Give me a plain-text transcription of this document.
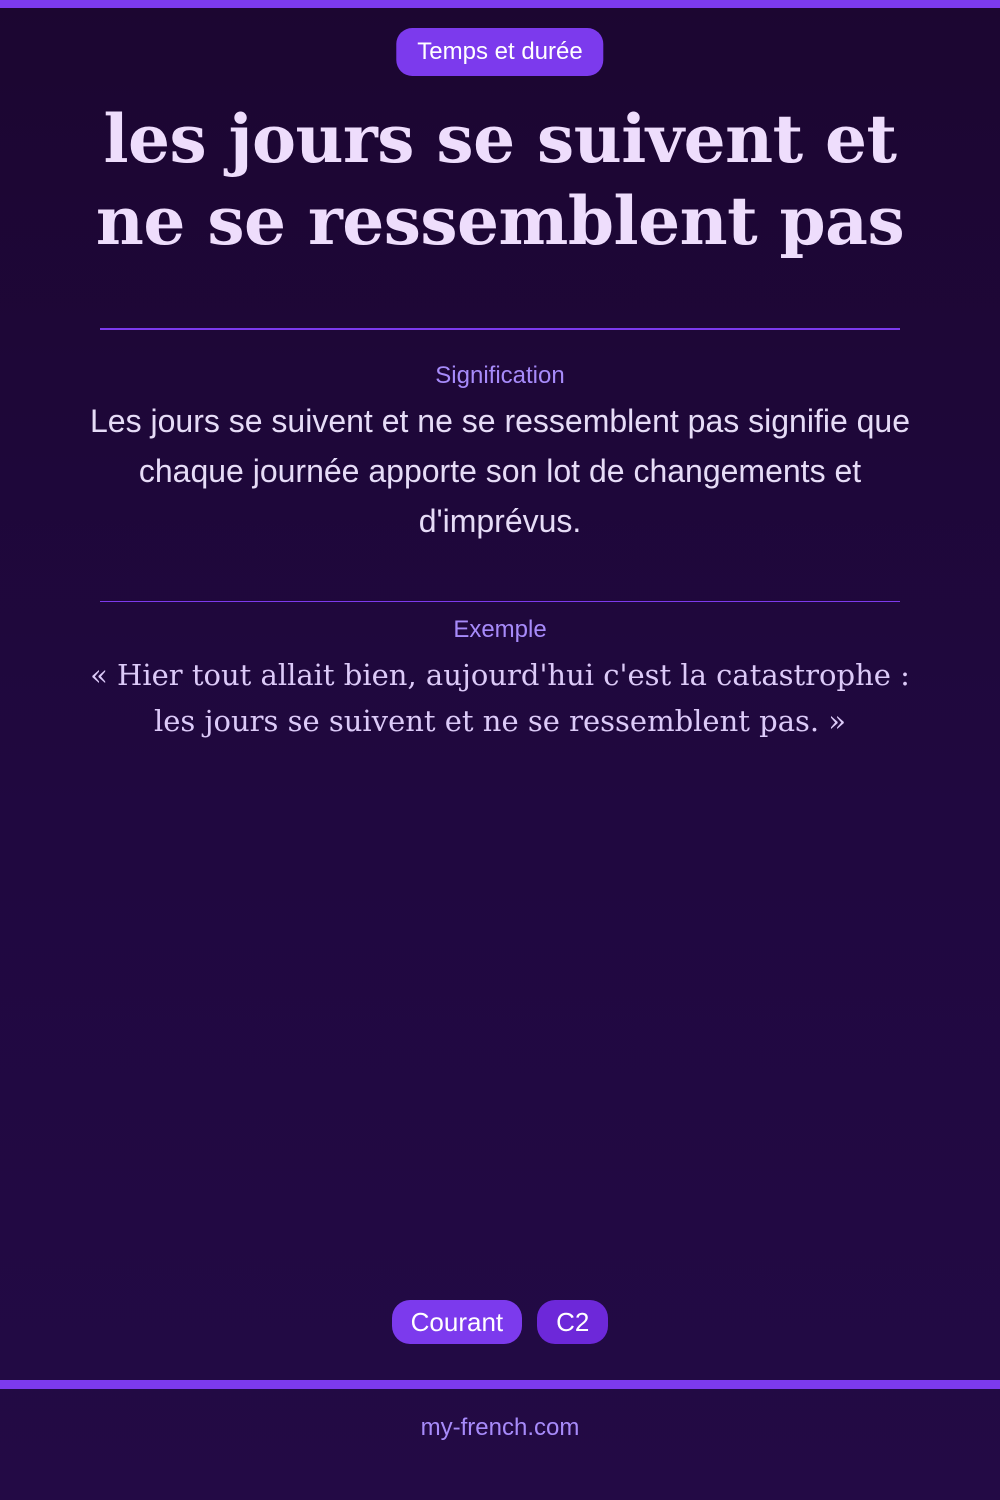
Temps et durée
les jours se suivent et ne se ressemblent pas
Signification

Les jours se suivent et ne se ressemblent pas signifie que chaque journée apporte son lot de changements et d'imprévus.

Exemple

« Hier tout allait bien, aujourd'hui c'est la catastrophe : les jours se suivent et ne se ressemblent pas. »

Courant	C2
my-french.com
